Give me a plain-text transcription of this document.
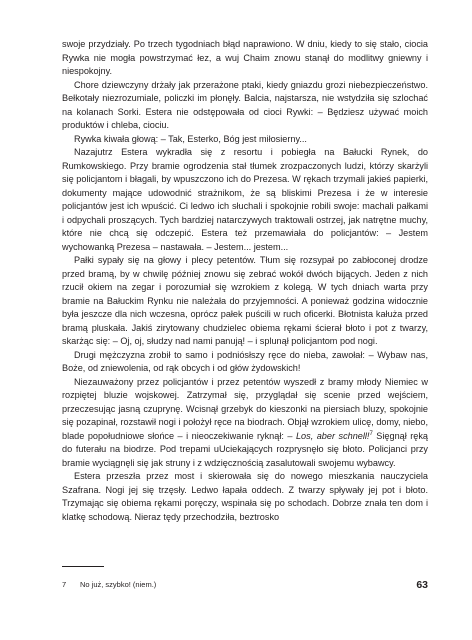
swoje przydziały. Po trzech tygodniach błąd naprawiono. W dniu, kiedy to się stało, ciocia Rywka nie mogła powstrzymać łez, a wuj Chaim znowu stanął do modlitwy gniewny i niespokojny.

Chore dziewczyny drżały jak przerażone ptaki, kiedy gniazdu grozi niebezpieczeństwo. Bełkotały niezrozumiale, policzki im płonęły. Balcia, najstarsza, nie wstydziła się szlochać na kolanach Sorki. Estera nie odstępowała od cioci Rywki: – Będziesz używać moich produktów i chleba, ciociu.

Rywka kiwała głową: – Tak, Esterko, Bóg jest miłosierny...

Nazajutrz Estera wykradła się z resortu i pobiegła na Bałucki Rynek, do Rumkowskiego. Przy bramie ogrodzenia stał tłumek zrozpaczonych ludzi, którzy skarżyli się policjantom i błagali, by wpuszczono ich do Prezesa. W rękach trzymali jakieś papierki, dokumenty mające udowodnić strażnikom, że są bliskimi Prezesa i że w interesie policjantów jest ich wpuścić. Ci ledwo ich słuchali i spokojnie robili swoje: machali pałkami i odpychali proszących. Tych bardziej natarczywych traktowali ostrzej, jak natrętne muchy, które nie chcą się odczepić. Estera też przemawiała do policjantów: – Jestem wychowanką Prezesa – nastawała. – Jestem... jestem...

Pałki sypały się na głowy i plecy petentów. Tłum się rozsypał po zabłoconej drodze przed bramą, by w chwilę później znowu się zebrać wokół dwóch bijących. Jeden z nich rzucił okiem na zegar i porozumiał się wzrokiem z kolegą. W tych dniach warta przy bramie na Bałuckim Rynku nie należała do przyjemności. A ponieważ godzina widocznie była jeszcze dla nich wczesna, oprócz pałek puścili w ruch oficerki. Błotnista kałuża przed bramą pluskała. Jakiś zirytowany chudzielec obiema rękami ścierał błoto i pot z twarzy, skarżąc się: – Oj, oj, słudzy nad nami panują! – i splunął policjantom pod nogi.

Drugi mężczyzna zrobił to samo i podniósłszy ręce do nieba, zawołał: – Wybaw nas, Boże, od zniewolenia, od rąk obcych i od głów żydowskich!

Niezauważony przez policjantów i przez petentów wyszedł z bramy młody Niemiec w rozpiętej bluzie wojskowej. Zatrzymał się, przyglądał się scenie przed wejściem, przeczesując jasną czuprynę. Wcisnął grzebyk do kieszonki na piersiach bluzy, spokojnie się pozapinał, rozstawił nogi i położył ręce na biodrach. Objął wzrokiem ulicę, domy, niebo, blade popołudniowe słońce – i nieoczekiwanie ryknął: – Los, aber schnell!$^7$ Sięgnął ręką do futerału na biodrze. Pod trepami uUciekających rozprysnęło się błoto. Policjanci przy bramie wyciągnęli się jak struny i z wdzięcznością zasalutowali swojemu wybawcy.

Estera przeszła przez most i skierowała się do nowego mieszkania nauczyciela Szafrana. Nogi jej się trzęsły. Ledwo łapała oddech. Z twarzy spływały jej pot i błoto. Trzymając się obiema rękami poręczy, wspinała się po schodach. Dobrze znała ten dom i klatkę schodową. Nieraz tędy przechodziła, beztrosko

7 No już, szybko! (niem.)	63
